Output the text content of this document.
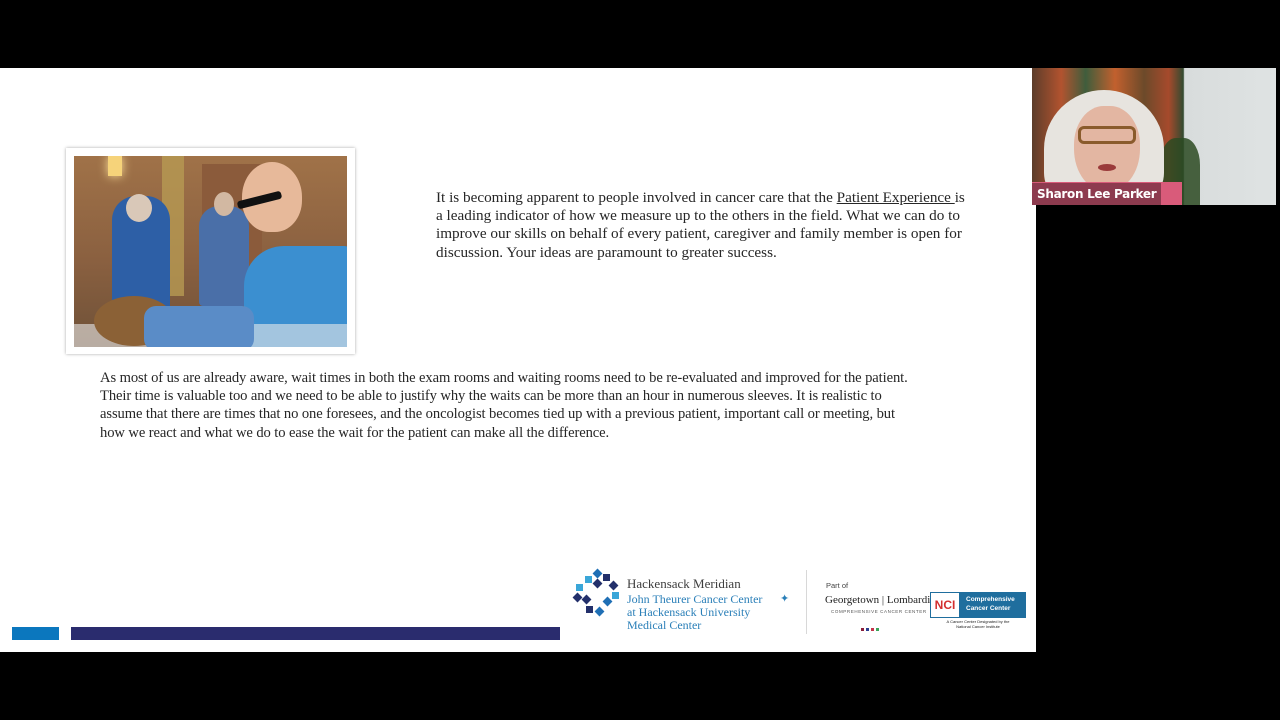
It is becoming apparent to people involved in cancer care that the Patient Experience is a leading indicator of how we measure up to the others in the field. What we can do to improve our skills on behalf of every patient, caregiver and family member is open for discussion. Your ideas are paramount to greater success.
As most of us are already aware, wait times in both the exam rooms and waiting rooms need to be re-evaluated and improved for the patient. Their time is valuable too and we need to be able to justify why the waits can be more than an hour in numerous sleeves. It is realistic to assume that there are times that no one foresees, and the oncologist becomes tied up with a previous patient, important call or meeting, but how we react and what we do to ease the wait for the patient can make all the difference.
Hackensack Meridian
John Theurer Cancer Center
at Hackensack University
Medical Center
✦
Part of
Georgetown | Lombardi
COMPREHENSIVE CANCER CENTER NCI	Comprehensive
Cancer Center
A Cancer Center Designated by the
National Cancer Institute
Sharon Lee Parker
